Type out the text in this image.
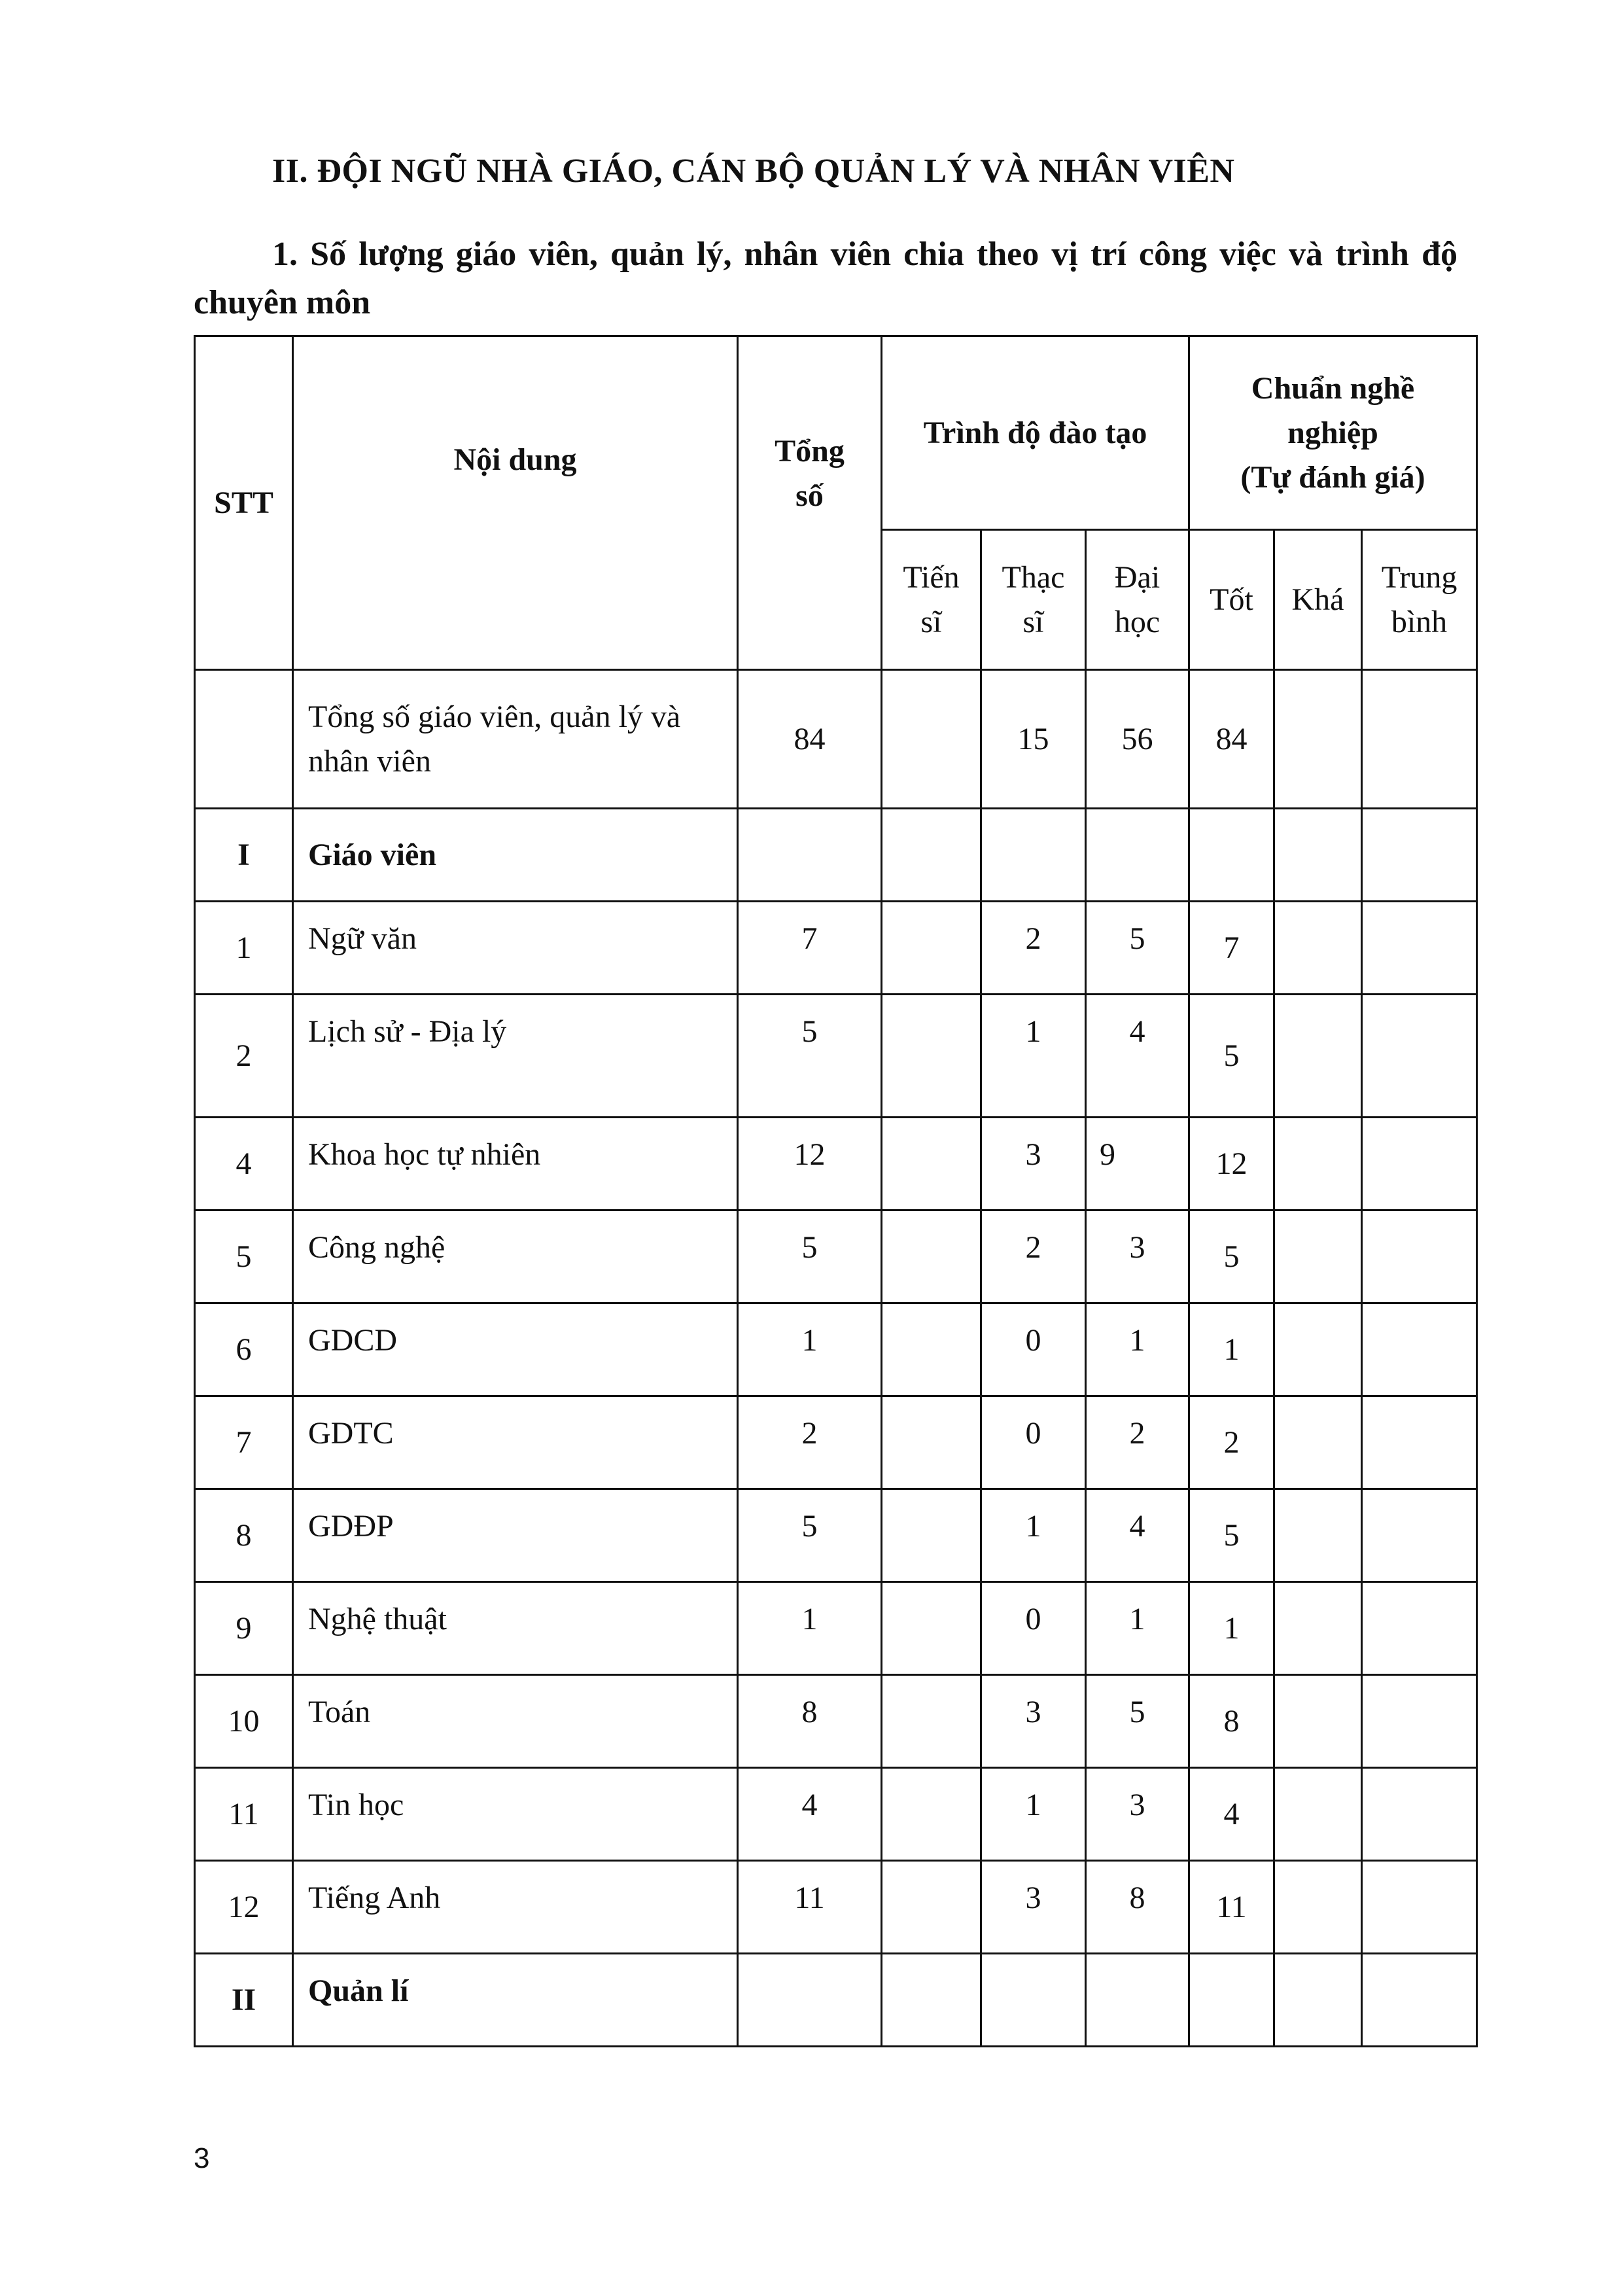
II. ĐỘI NGŨ NHÀ GIÁO, CÁN BỘ QUẢN LÝ VÀ NHÂN VIÊN
1. Số lượng giáo viên, quản lý, nhân viên chia theo vị trí công việc và trình độ chuyên môn
STT	Nội dung	Tổng số	Trình độ đào tạo			Chuẩn nghề nghiệp
(Tự đánh giá)		

			Tiến sĩ	Thạc sĩ	Đại học	Tốt	Khá	Trung bình
	Tổng số giáo viên, quản lý và nhân viên	84		15	56	84		
I	Giáo viên							
1	Ngữ văn	7		2	5	7		
2	Lịch sử - Địa lý	5		1	4	5		
4	Khoa học tự nhiên	12		3	9	12		
5	Công nghệ	5		2	3	5		
6	GDCD	1		0	1	1		
7	GDTC	2		0	2	2		
8	GDĐP	5		1	4	5		
9	Nghệ thuật	1		0	1	1		
10	Toán	8		3	5	8		
11	Tin học	4		1	3	4		
12	Tiếng Anh	11		3	8	11		
II	Quản lí							
3
